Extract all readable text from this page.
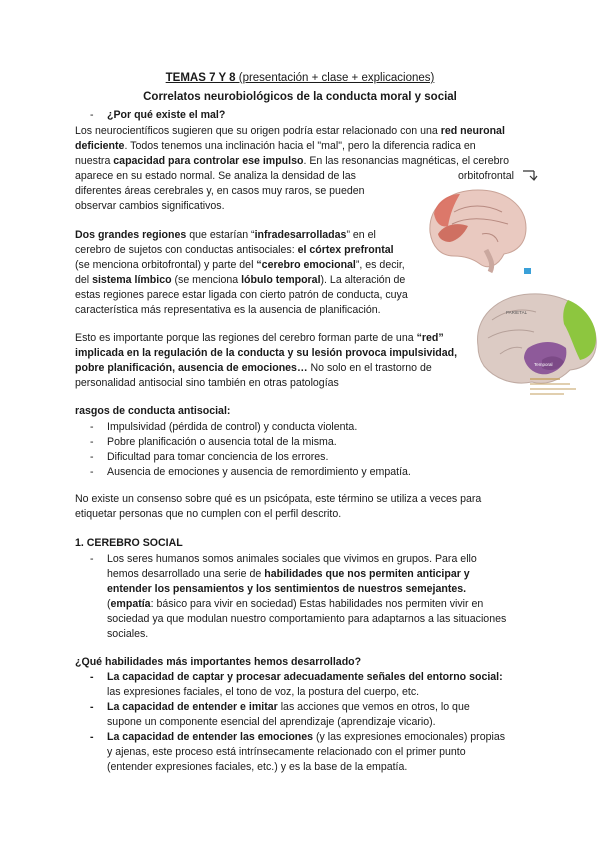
TEMAS 7 Y 8 (presentación + clase + explicaciones)
Correlatos neurobiológicos de la conducta moral y social
- ¿Por qué existe el mal?
Los neurocientíficos sugieren que su origen podría estar relacionado con una red neuronal
deficiente. Todos tenemos una inclinación hacia el "mal", pero la diferencia radica en
nuestra capacidad para controlar ese impulso. En las resonancias magnéticas, el cerebro
aparece en su estado normal. Se analiza la densidad de las	orbitofrontal
diferentes áreas cerebrales y, en casos muy raros, se pueden
observar cambios significativos.
Dos grandes regiones que estarían “infradesarrolladas” en el
cerebro de sujetos con conductas antisociales: el córtex prefrontal
(se menciona orbitofrontal) y parte del “cerebro emocional”, es decir,
del sistema límbico (se menciona lóbulo temporal). La alteración de
estas regiones parece estar ligada con cierto patrón de conducta, cuya
característica más representativa es la ausencia de planificación.	PARIETAL
Temporal
Esto es importante porque las regiones del cerebro forman parte de una “red”
implicada en la regulación de la conducta y su lesión provoca impulsividad,
pobre planificación, ausencia de emociones… No solo en el trastorno de
personalidad antisocial sino también en otras patologías
rasgos de conducta antisocial:
- Impulsividad (pérdida de control) y conducta violenta.
- Pobre planificación o ausencia total de la misma.
- Dificultad para tomar conciencia de los errores.
- Ausencia de emociones y ausencia de remordimiento y empatía.
No existe un consenso sobre qué es un psicópata, este término se utiliza a veces para
etiquetar personas que no cumplen con el perfil descrito.
1. CEREBRO SOCIAL
- Los seres humanos somos animales sociales que vivimos en grupos. Para ello
hemos desarrollado una serie de habilidades que nos permiten anticipar y
entender los pensamientos y los sentimientos de nuestros semejantes.
(empatía: básico para vivir en sociedad) Estas habilidades nos permiten vivir en
sociedad ya que modulan nuestro comportamiento para adaptarnos a las situaciones
sociales.
¿Qué habilidades más importantes hemos desarrollado?
- La capacidad de captar y procesar adecuadamente señales del entorno social:
las expresiones faciales, el tono de voz, la postura del cuerpo, etc.
- La capacidad de entender e imitar las acciones que vemos en otros, lo que
supone un componente esencial del aprendizaje (aprendizaje vicario).
- La capacidad de entender las emociones (y las expresiones emocionales) propias
y ajenas, este proceso está intrínsecamente relacionado con el primer punto
(entender expresiones faciales, etc.) y es la base de la empatía.
